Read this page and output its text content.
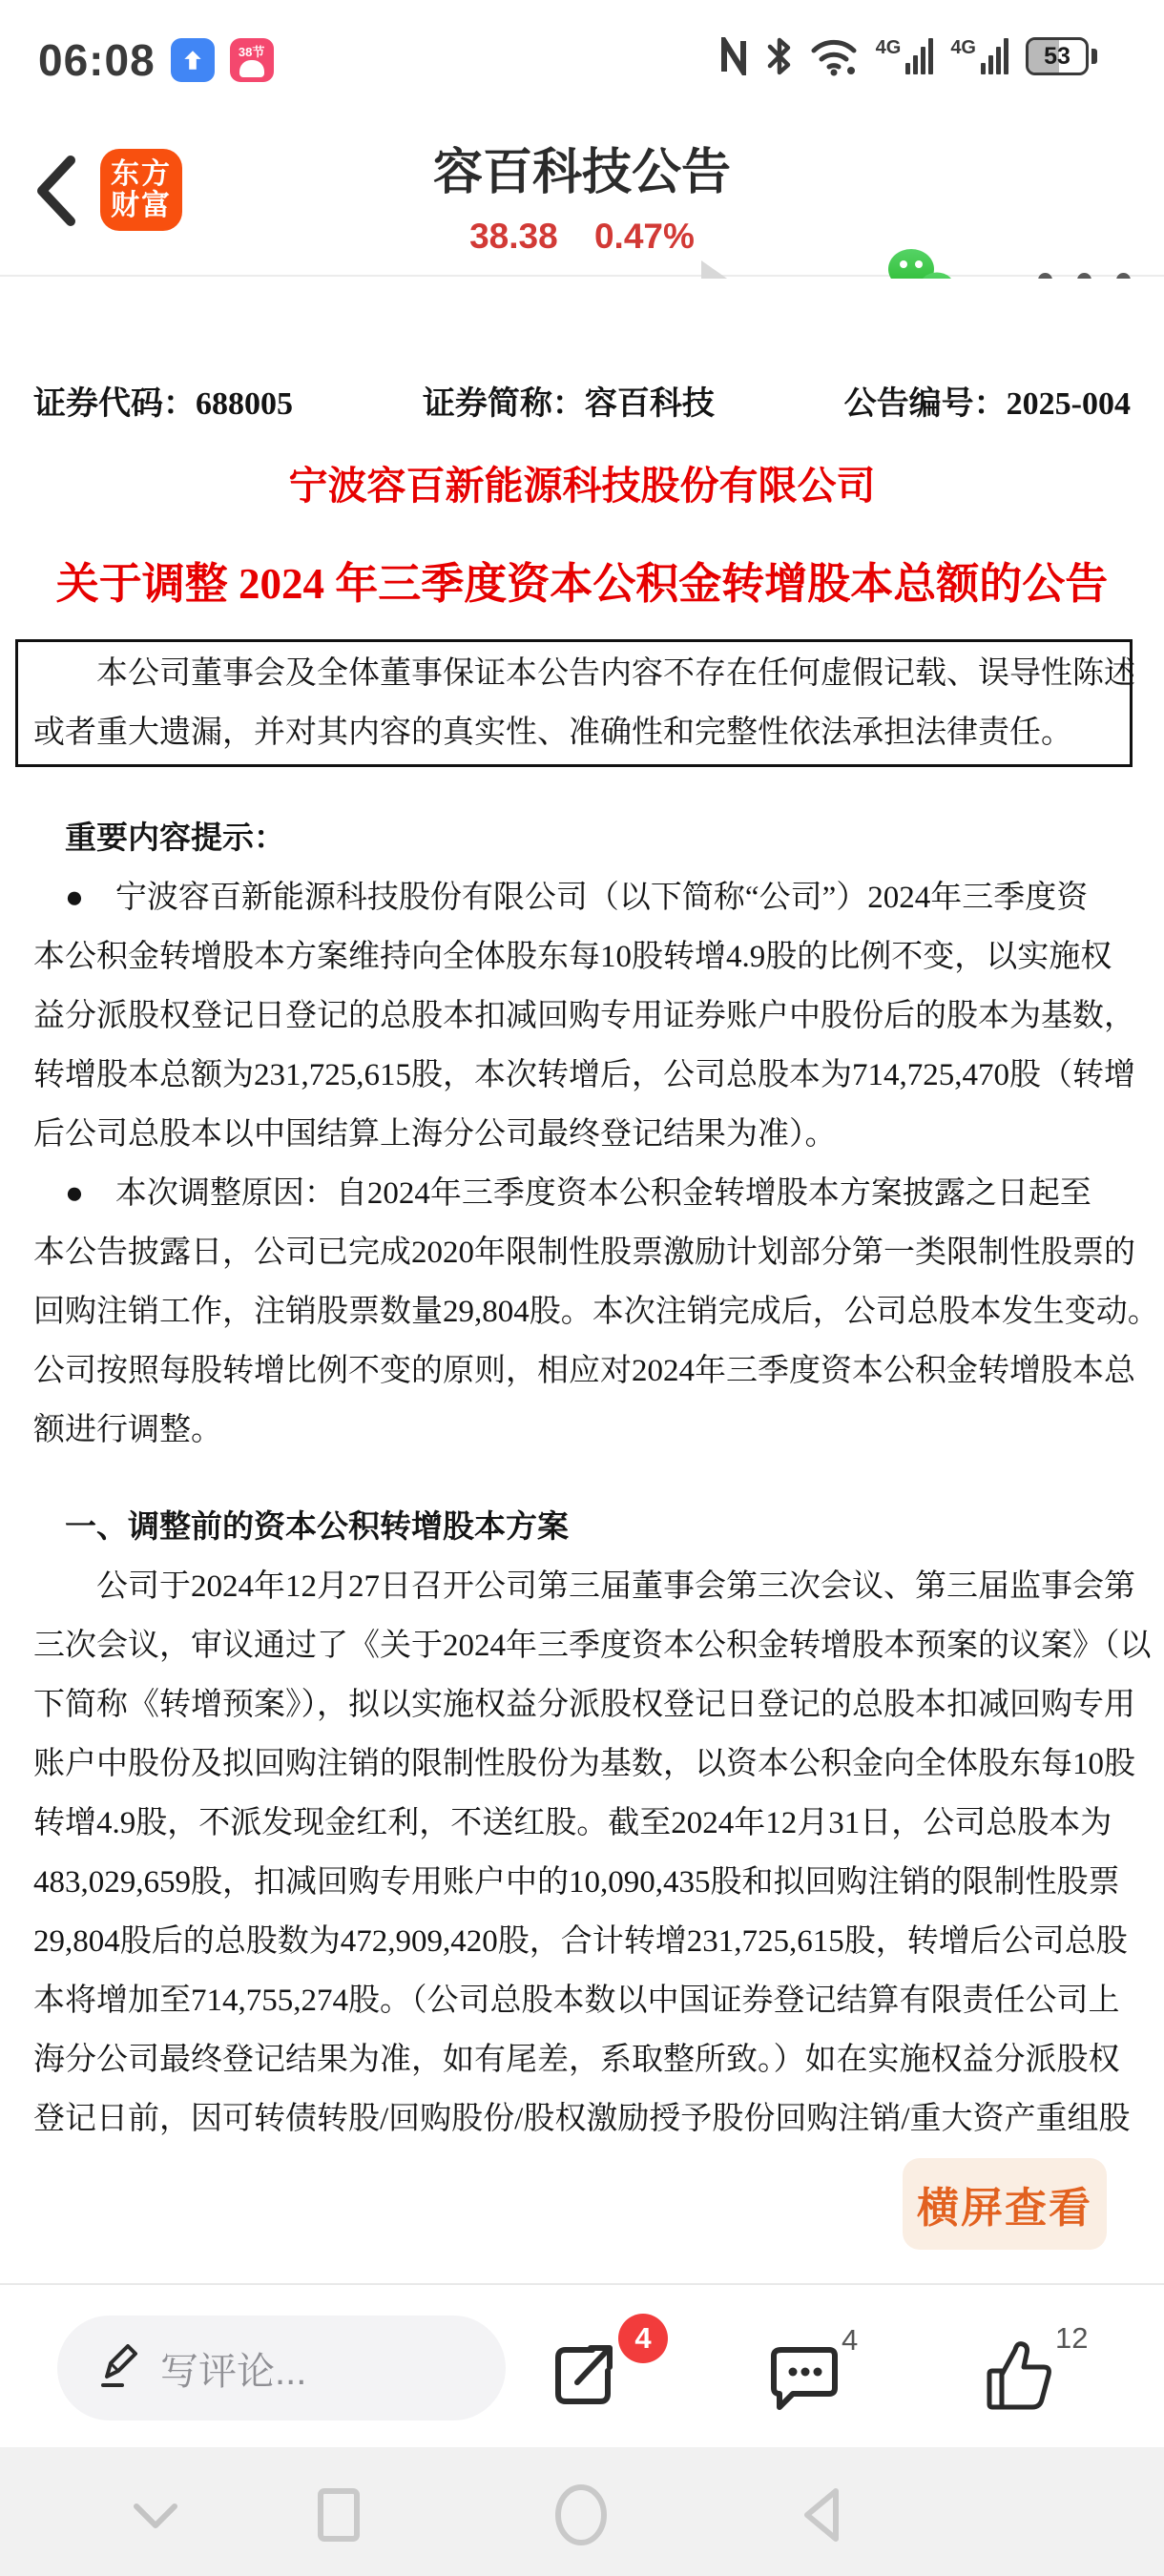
06:08	38节	4G	4G	53
东方
财富
容百科技公告
38.38 0.47%
证券代码：688005	证券简称：容百科技	公告编号：2025-004
宁波容百新能源科技股份有限公司
关于调整 2024 年三季度资本公积金转增股本总额的公告
　　本公司董事会及全体董事保证本公告内容不存在任何虚假记载、误导性陈述
或者重大遗漏，并对其内容的真实性、准确性和完整性依法承担法律责任。
　重要内容提示：
　●　宁波容百新能源科技股份有限公司（以下简称“公司”）2024年三季度资
本公积金转增股本方案维持向全体股东每10股转增4.9股的比例不变，以实施权
益分派股权登记日登记的总股本扣减回购专用证券账户中股份后的股本为基数，
转增股本总额为231,725,615股，本次转增后，公司总股本为714,725,470股（转增
后公司总股本以中国结算上海分公司最终登记结果为准）。
　●　本次调整原因：自2024年三季度资本公积金转增股本方案披露之日起至
本公告披露日，公司已完成2020年限制性股票激励计划部分第一类限制性股票的
回购注销工作，注销股票数量29,804股。本次注销完成后，公司总股本发生变动。
公司按照每股转增比例不变的原则，相应对2024年三季度资本公积金转增股本总
额进行调整。
　一、调整前的资本公积转增股本方案
　　公司于2024年12月27日召开公司第三届董事会第三次会议、第三届监事会第
三次会议，审议通过了《关于2024年三季度资本公积金转增股本预案的议案》（以
下简称《转增预案》），拟以实施权益分派股权登记日登记的总股本扣减回购专用
账户中股份及拟回购注销的限制性股份为基数，以资本公积金向全体股东每10股
转增4.9股，不派发现金红利，不送红股。截至2024年12月31日，公司总股本为
483,029,659股，扣减回购专用账户中的10,090,435股和拟回购注销的限制性股票
29,804股后的总股数为472,909,420股，合计转增231,725,615股，转增后公司总股
本将增加至714,755,274股。（公司总股本数以中国证券登记结算有限责任公司上
海分公司最终登记结果为准，如有尾差，系取整所致。）如在实施权益分派股权
登记日前，因可转债转股/回购股份/股权激励授予股份回购注销/重大资产重组股
横屏查看
写评论...
4	4	12
